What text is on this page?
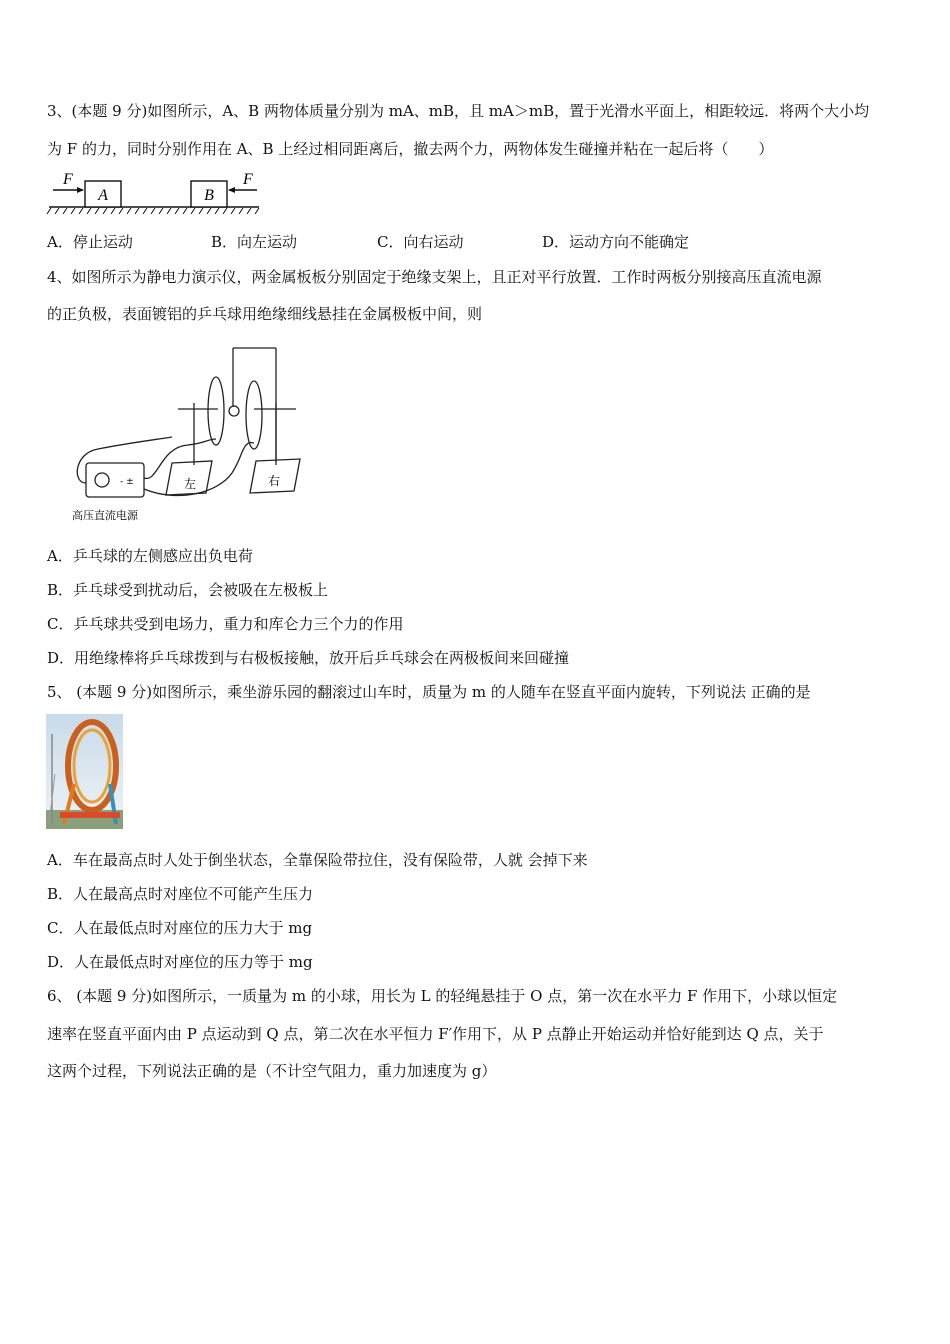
3、(本题 9 分)如图所示，A、B 两物体质量分别为 mA、mB，且 mA＞mB，置于光滑水平面上，相距较远．将两个大小均
为 F 的力，同时分别作用在 A、B 上经过相同距离后，撤去两个力，两物体发生碰撞并粘在一起后将（　　）
A	B
F	F
A．停止运动	B．向左运动	C．向右运动	D．运动方向不能确定
4、如图所示为静电力演示仪，两金属板板分别固定于绝缘支架上，且正对平行放置．工作时两板分别接高压直流电源
的正负极，表面镀铝的乒乓球用绝缘细线悬挂在金属极板中间，则
左	右
- ±
高压直流电源
A．乒乓球的左侧感应出负电荷
B．乒乓球受到扰动后，会被吸在左极板上
C．乒乓球共受到电场力，重力和库仑力三个力的作用
D．用绝缘棒将乒乓球拨到与右极板接触，放开后乒乓球会在两极板间来回碰撞
5、 (本题 9 分)如图所示，乘坐游乐园的翻滚过山车时，质量为 m 的人随车在竖直平面内旋转，下列说法 正确的是
A．车在最高点时人处于倒坐状态，全靠保险带拉住，没有保险带，人就 会掉下来
B．人在最高点时对座位不可能产生压力
C．人在最低点时对座位的压力大于 mg
D．人在最低点时对座位的压力等于 mg
6、 (本题 9 分)如图所示，一质量为 m 的小球，用长为 L 的轻绳悬挂于 O 点，第一次在水平力 F 作用下，小球以恒定
速率在竖直平面内由 P 点运动到 Q 点，第二次在水平恒力 F′作用下，从 P 点静止开始运动并恰好能到达 Q 点，关于
这两个过程，下列说法正确的是（不计空气阻力，重力加速度为 g）
